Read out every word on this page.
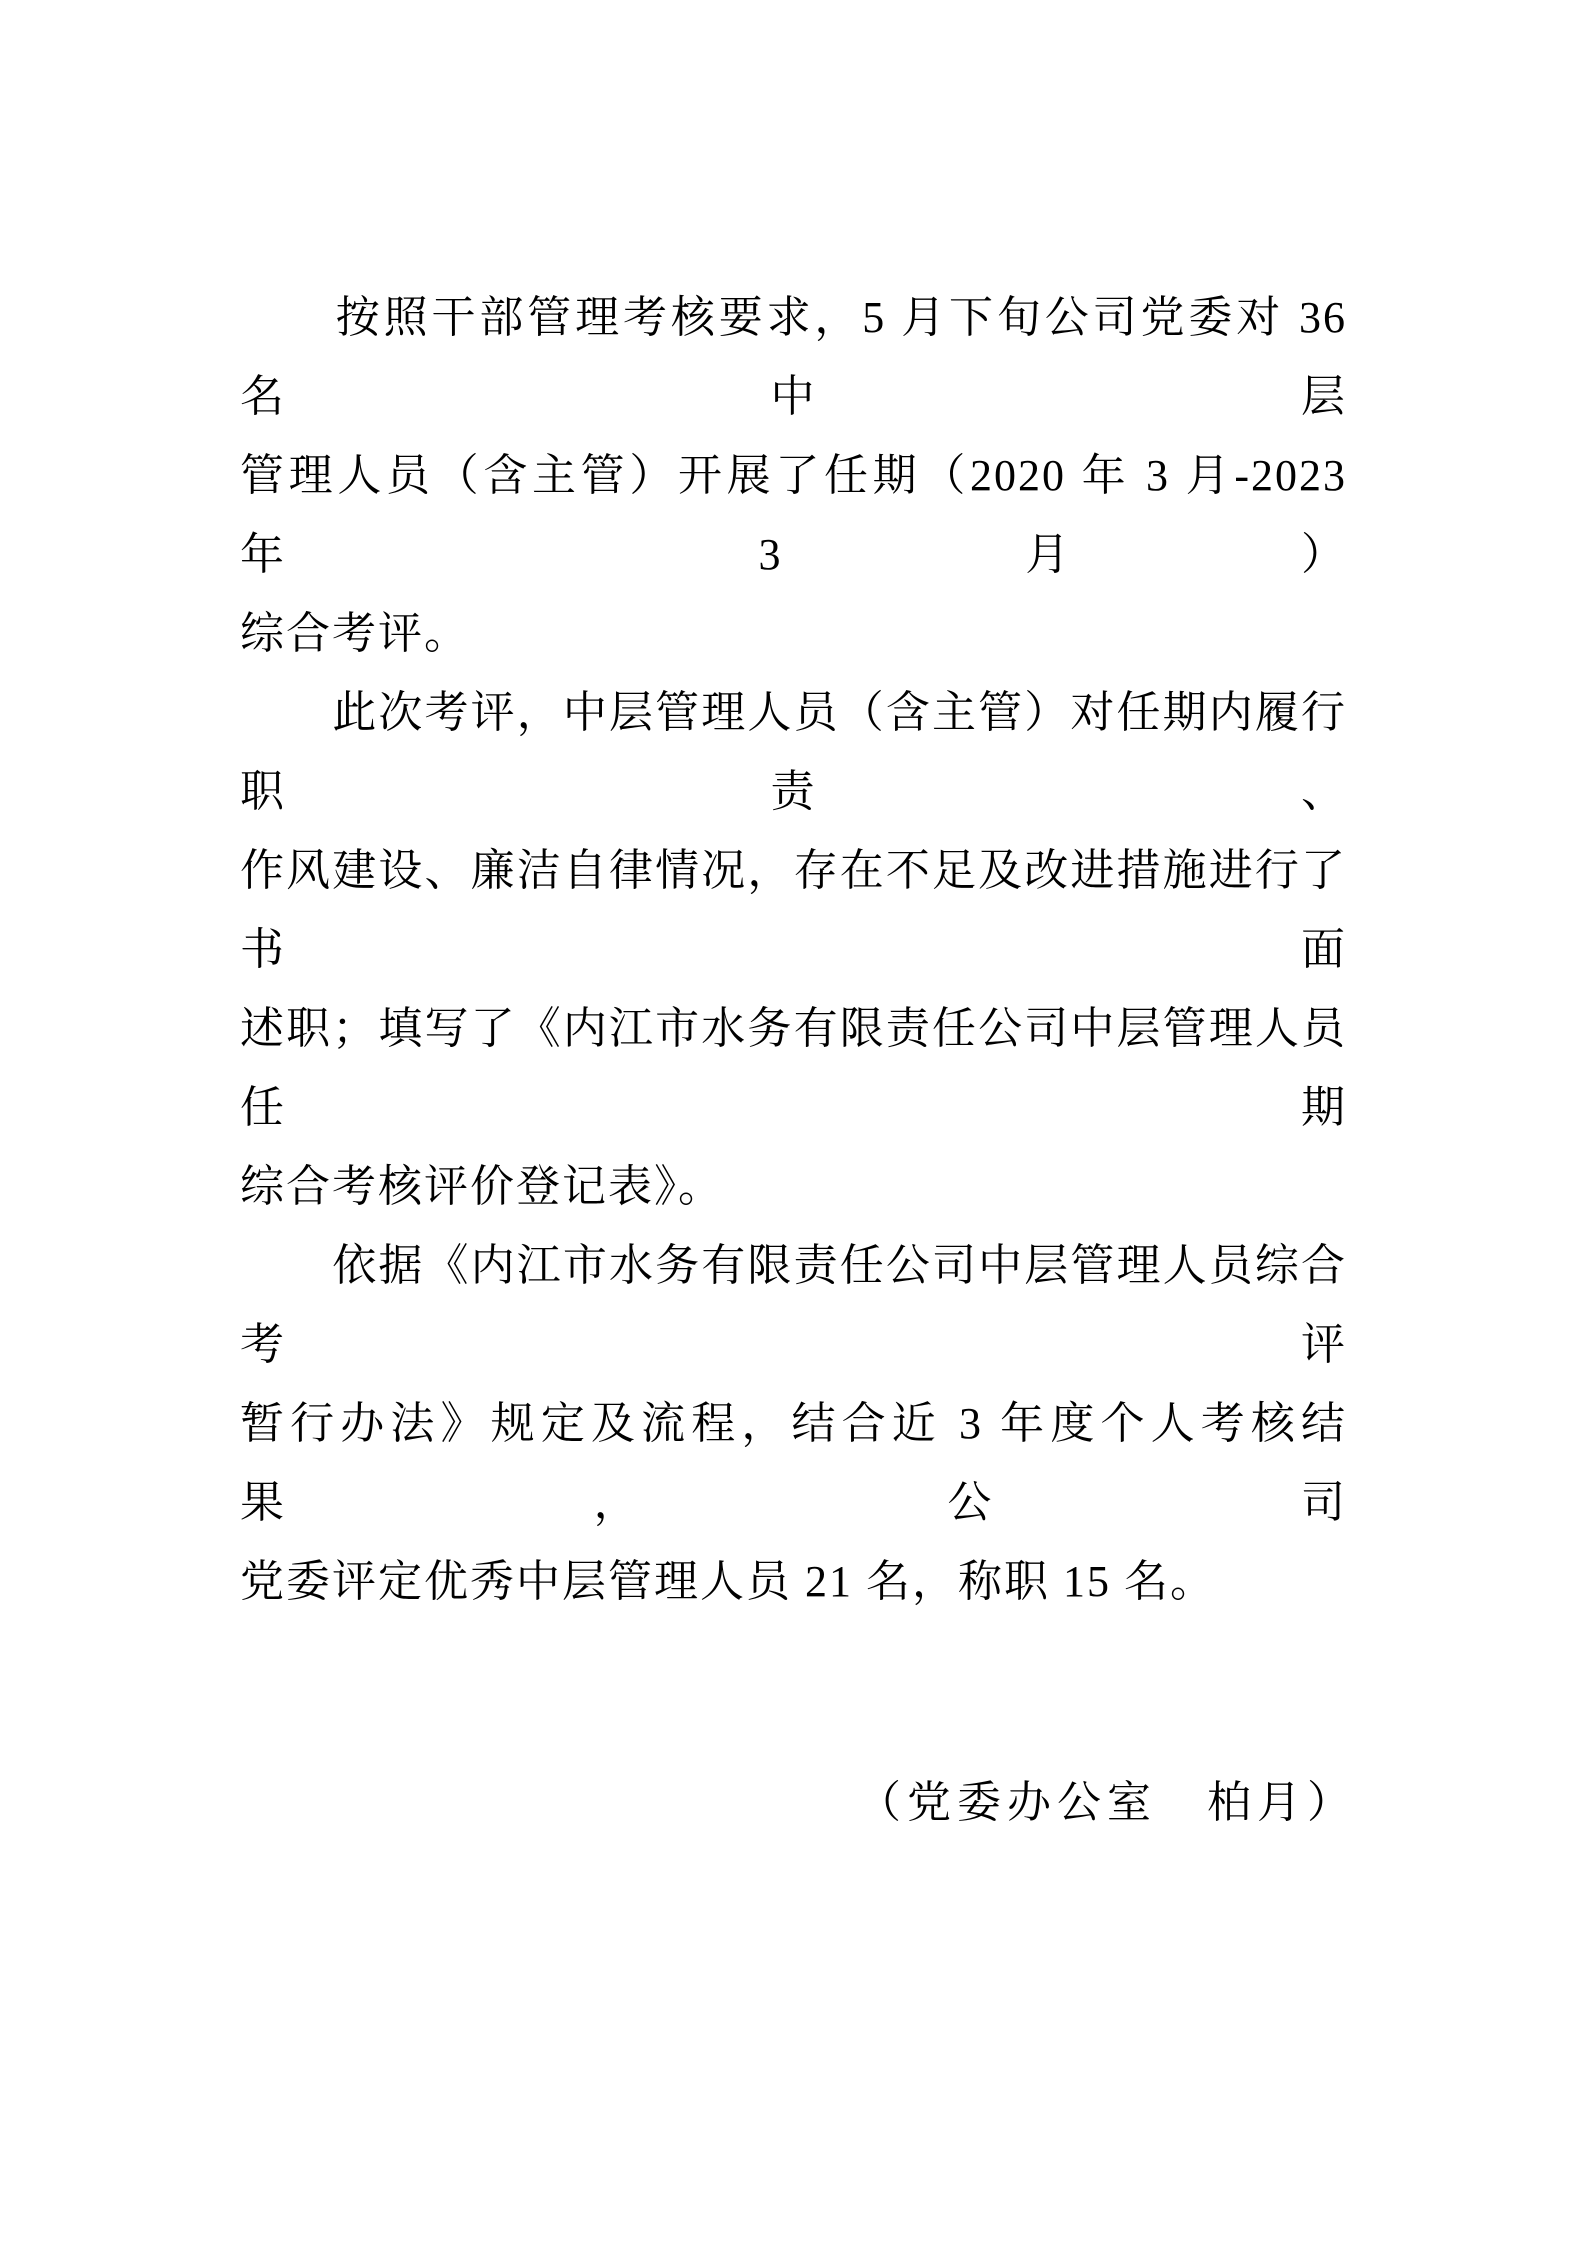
　　按照干部管理考核要求，5 月下旬公司党委对 36 名中层
管理人员（含主管）开展了任期（2020 年 3 月-2023 年 3 月）
综合考评。
　　此次考评，中层管理人员（含主管）对任期内履行职责、
作风建设、廉洁自律情况，存在不足及改进措施进行了书面
述职；填写了《内江市水务有限责任公司中层管理人员任期
综合考核评价登记表》。
　　依据《内江市水务有限责任公司中层管理人员综合考评
暂行办法》规定及流程，结合近 3 年度个人考核结果，公司
党委评定优秀中层管理人员 21 名，称职 15 名。
（党委办公室　柏月）
